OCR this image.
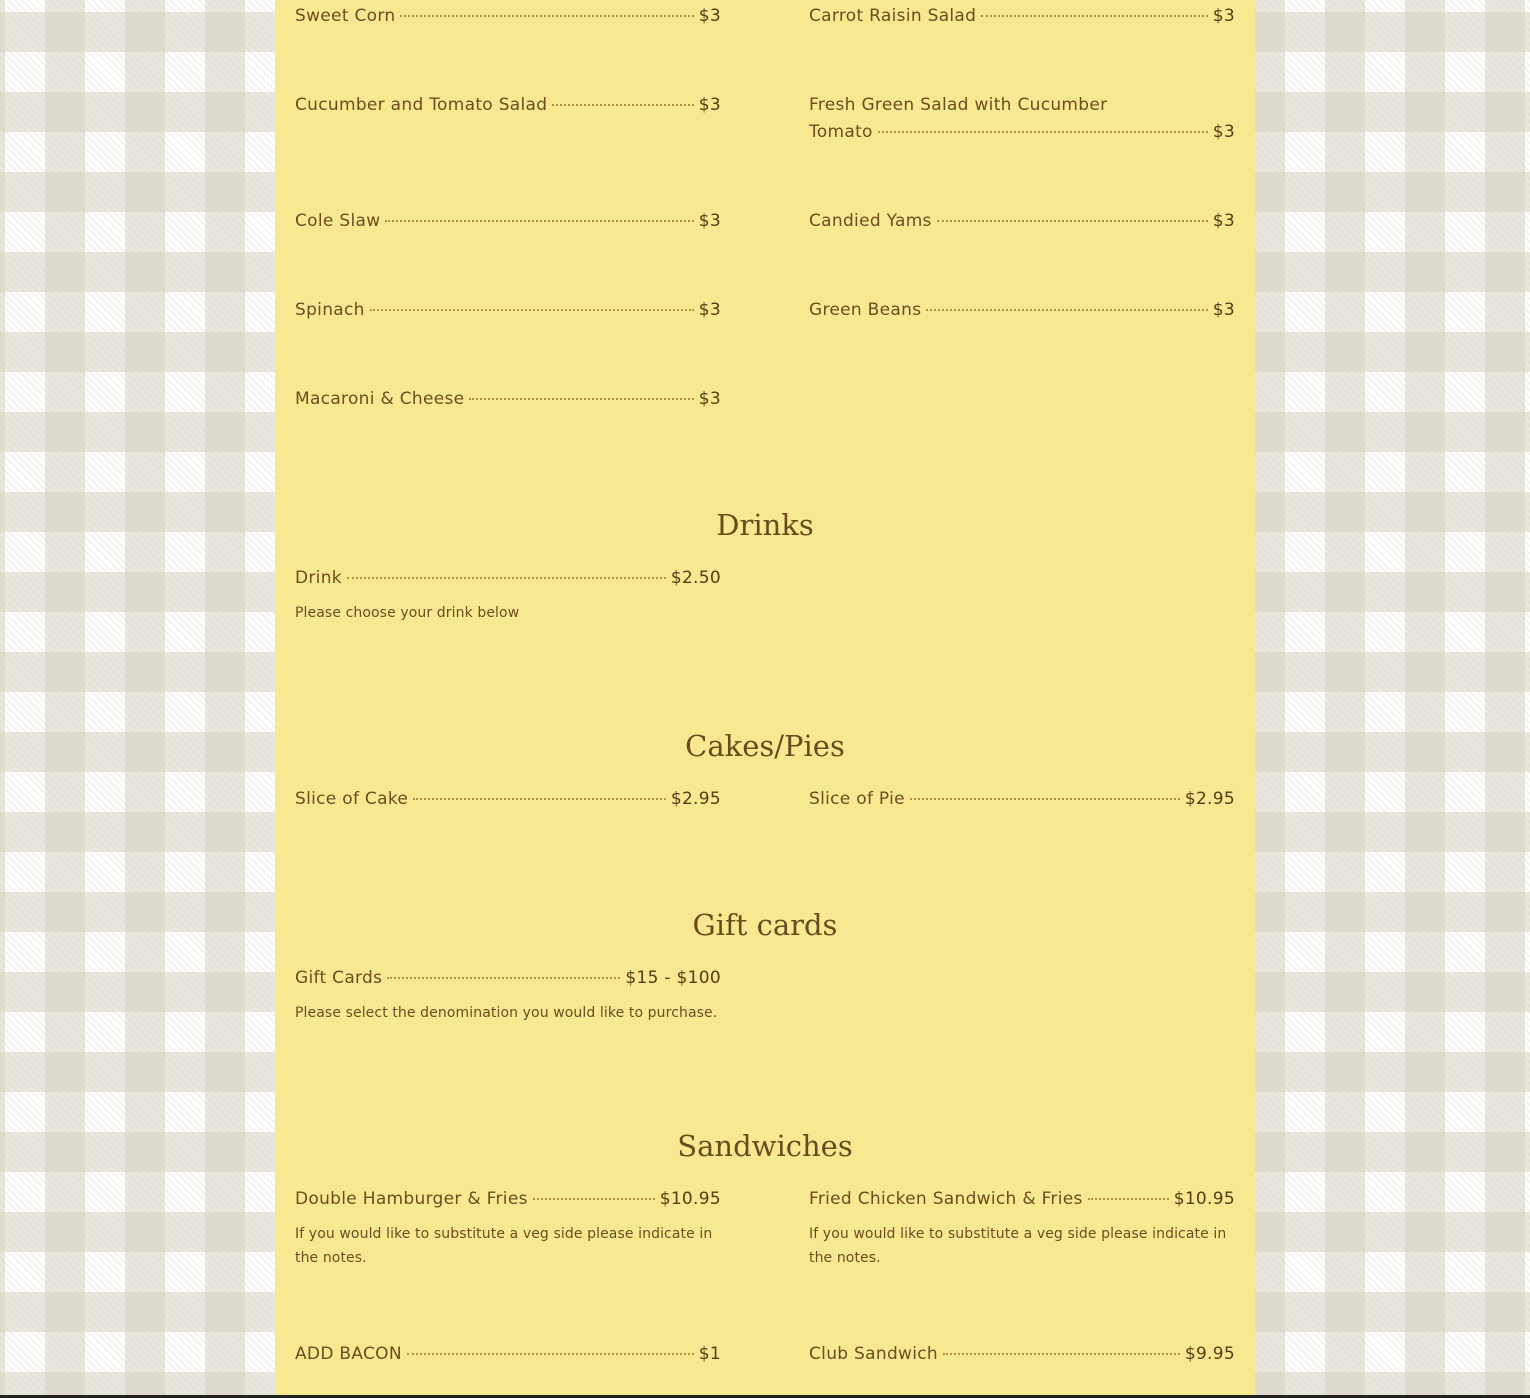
Sweet Corn	$3	Carrot Raisin Salad	$3
Cucumber and Tomato Salad	$3	Fresh Green Salad with Cucumber
Tomato	$3
Cole Slaw	$3	Candied Yams	$3
Spinach	$3	Green Beans	$3
Macaroni & Cheese	$3
Drinks
Drink	$2.50
Please choose your drink below
Cakes/Pies
Slice of Cake	$2.95	Slice of Pie	$2.95
Gift cards
Gift Cards	$15 - $100
Please select the denomination you would like to purchase.
Sandwiches
Double Hamburger & Fries	$10.95
If you would like to substitute a veg side please indicate in the notes.
Fried Chicken Sandwich & Fries	$10.95
If you would like to substitute a veg side please indicate in the notes.
ADD BACON	$1	Club Sandwich	$9.95
